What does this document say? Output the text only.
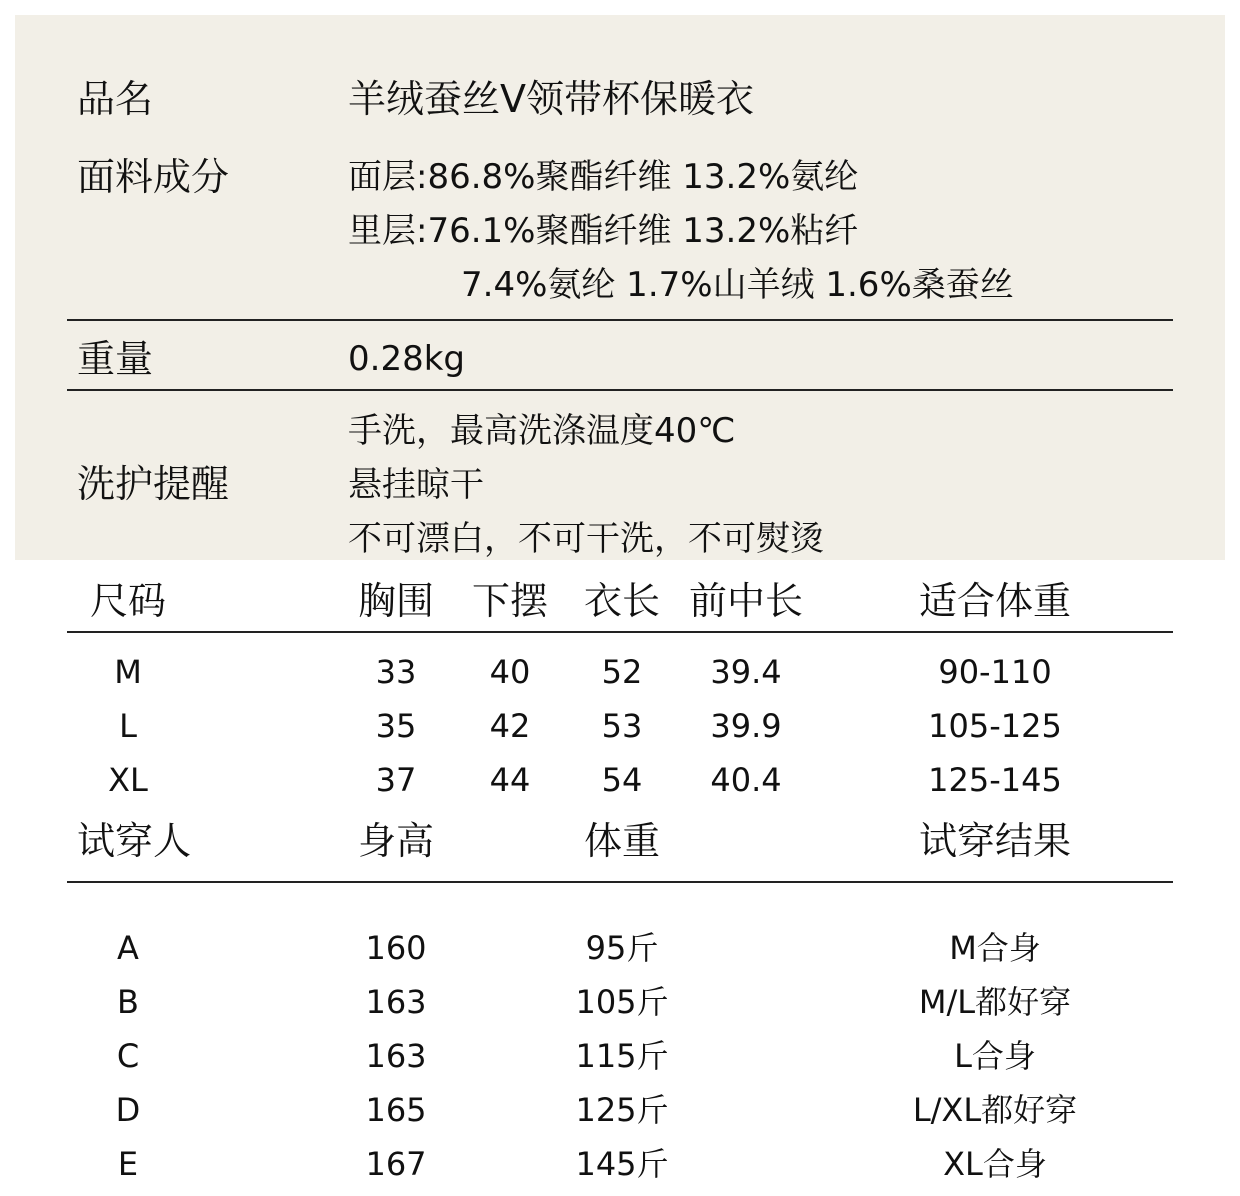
品名	羊绒蚕丝V领带杯保暖衣
面料成分	面层:86.8%聚酯纤维 13.2%氨纶
里层:76.1%聚酯纤维 13.2%粘纤
7.4%氨纶 1.7%山羊绒 1.6%桑蚕丝
重量	0.28kg
洗护提醒
手洗，最高洗涤温度40℃
悬挂晾干
不可漂白，不可干洗，不可熨烫
尺码	胸围 下摆 衣长 前中长	适合体重
M	33 40 52 39.4	90-110
L	35 42 53 39.9	105-125
XL	37 44 54 40.4	125-145
试穿人	身高	体重	试穿结果
A	160	95斤	M合身
B	163	105斤	M/L都好穿
C	163	115斤	L合身
D	165	125斤	L/XL都好穿
E	167	145斤	XL合身
